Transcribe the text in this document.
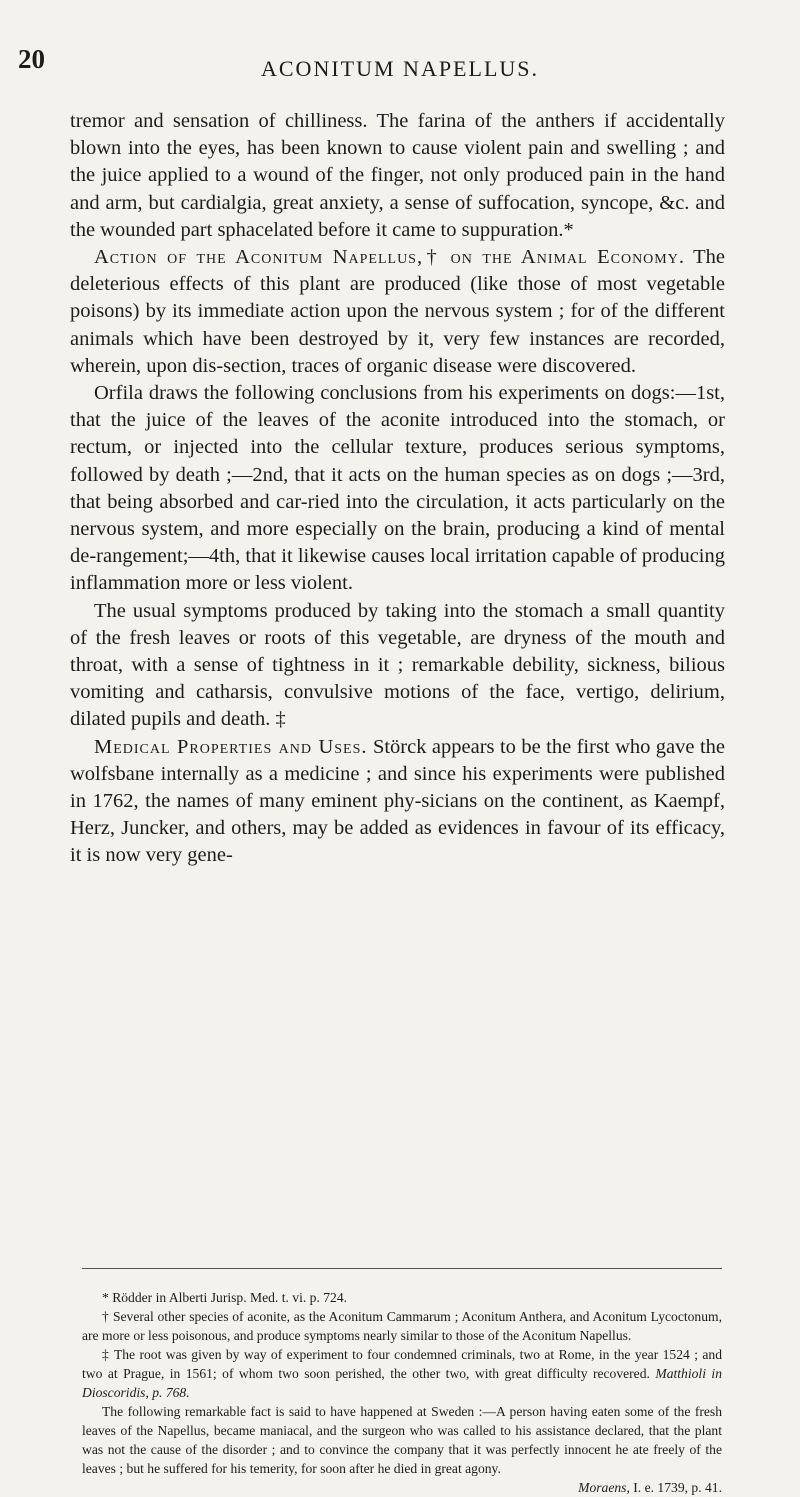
20	ACONITUM NAPELLUS.

tremor and sensation of chilliness. The farina of the anthers if accidentally blown into the eyes, has been known to cause violent pain and swelling ; and the juice applied to a wound of the finger, not only produced pain in the hand and arm, but cardialgia, great anxiety, a sense of suffocation, syncope, &c. and the wounded part sphacelated before it came to suppuration.*

Action of the Aconitum Napellus,† on the Animal Economy. The deleterious effects of this plant are produced (like those of most vegetable poisons) by its immediate action upon the nervous system ; for of the different animals which have been destroyed by it, very few instances are recorded, wherein, upon dis-section, traces of organic disease were discovered.

Orfila draws the following conclusions from his experiments on dogs:—1st, that the juice of the leaves of the aconite introduced into the stomach, or rectum, or injected into the cellular texture, produces serious symptoms, followed by death ;—2nd, that it acts on the human species as on dogs ;—3rd, that being absorbed and car-ried into the circulation, it acts particularly on the nervous system, and more especially on the brain, producing a kind of mental de-rangement;—4th, that it likewise causes local irritation capable of producing inflammation more or less violent.

The usual symptoms produced by taking into the stomach a small quantity of the fresh leaves or roots of this vegetable, are dryness of the mouth and throat, with a sense of tightness in it ; remarkable debility, sickness, bilious vomiting and catharsis, convulsive motions of the face, vertigo, delirium, dilated pupils and death. ‡

Medical Properties and Uses. Störck appears to be the first who gave the wolfsbane internally as a medicine ; and since his experiments were published in 1762, the names of many eminent phy-sicians on the continent, as Kaempf, Herz, Juncker, and others, may be added as evidences in favour of its efficacy, it is now very gene-

* Rödder in Alberti Jurisp. Med. t. vi. p. 724.

† Several other species of aconite, as the Aconitum Cammarum ; Aconitum Anthera, and Aconitum Lycoctonum, are more or less poisonous, and produce symptoms nearly similar to those of the Aconitum Napellus.

‡ The root was given by way of experiment to four condemned criminals, two at Rome, in the year 1524 ; and two at Prague, in 1561; of whom two soon perished, the other two, with great difficulty recovered. Matthioli in Dioscoridis, p. 768.

The following remarkable fact is said to have happened at Sweden :—A person having eaten some of the fresh leaves of the Napellus, became maniacal, and the surgeon who was called to his assistance declared, that the plant was not the cause of the disorder ; and to convince the company that it was perfectly innocent he ate freely of the leaves ; but he suffered for his temerity, for soon after he died in great agony.

Moraens, I. e. 1739, p. 41.
